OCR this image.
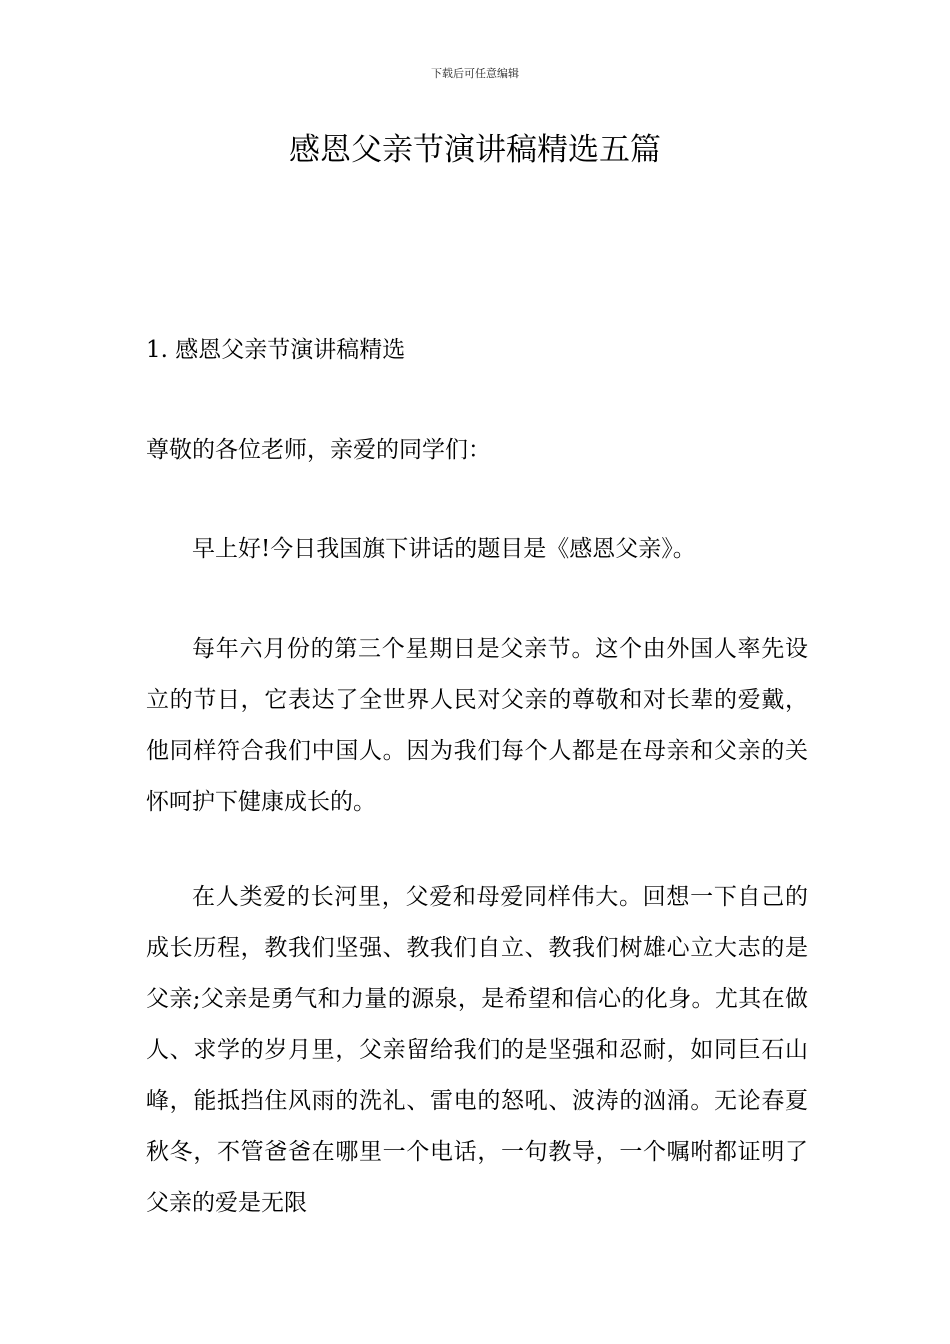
下载后可任意编辑
感恩父亲节演讲稿精选五篇
1. 感恩父亲节演讲稿精选

尊敬的各位老师，亲爱的同学们：

早上好!今日我国旗下讲话的题目是《感恩父亲》。

每年六月份的第三个星期日是父亲节。这个由外国人率先设立的节日，它表达了全世界人民对父亲的尊敬和对长辈的爱戴，他同样符合我们中国人。因为我们每个人都是在母亲和父亲的关怀呵护下健康成长的。

在人类爱的长河里，父爱和母爱同样伟大。回想一下自己的成长历程，教我们坚强、教我们自立、教我们树雄心立大志的是父亲;父亲是勇气和力量的源泉，是希望和信心的化身。尤其在做人、求学的岁月里，父亲留给我们的是坚强和忍耐，如同巨石山峰，能抵挡住风雨的洗礼、雷电的怒吼、波涛的汹涌。无论春夏秋冬，不管爸爸在哪里一个电话，一句教导，一个嘱咐都证明了父亲的爱是无限
